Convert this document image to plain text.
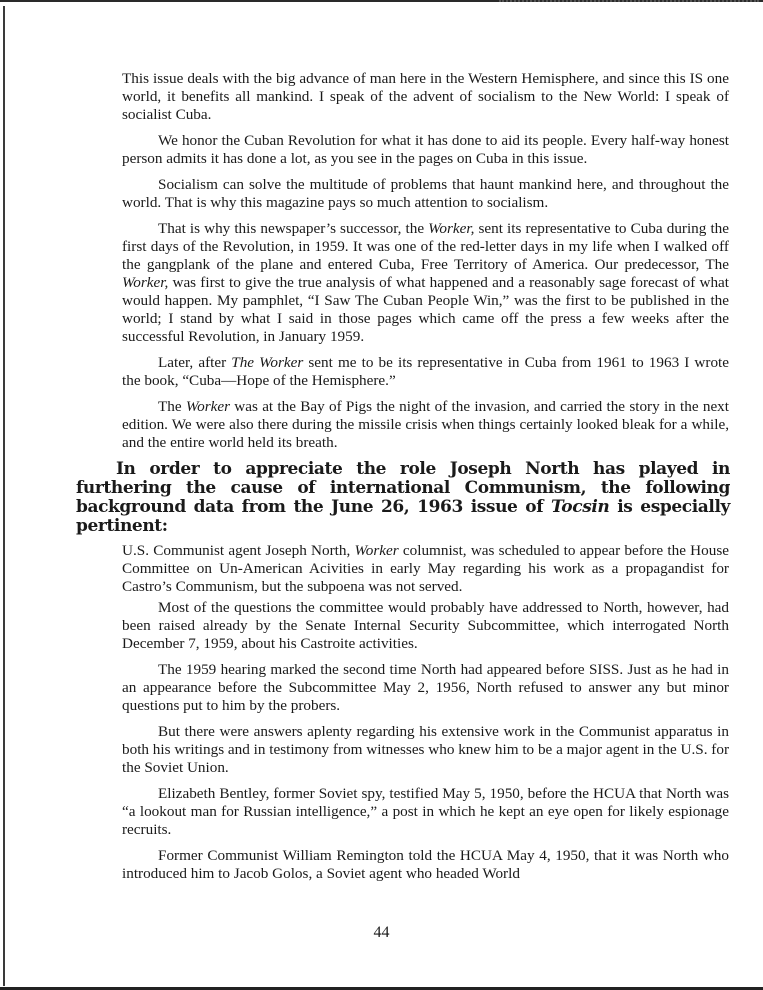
This issue deals with the big advance of man here in the Western Hemisphere, and since this IS one world, it benefits all mankind. I speak of the advent of socialism to the New World: I speak of socialist Cuba.

We honor the Cuban Revolution for what it has done to aid its people. Every half-way honest person admits it has done a lot, as you see in the pages on Cuba in this issue.

Socialism can solve the multitude of problems that haunt mankind here, and throughout the world. That is why this magazine pays so much attention to socialism.

That is why this newspaper’s successor, the Worker, sent its representative to Cuba during the first days of the Revolution, in 1959. It was one of the red-letter days in my life when I walked off the gangplank of the plane and entered Cuba, Free Territory of America. Our predecessor, The Worker, was first to give the true analysis of what happened and a reasonably sage forecast of what would happen. My pamphlet, “I Saw The Cuban People Win,” was the first to be published in the world; I stand by what I said in those pages which came off the press a few weeks after the successful Revolution, in January 1959.

Later, after The Worker sent me to be its representative in Cuba from 1961 to 1963 I wrote the book, “Cuba—Hope of the Hemisphere.”

The Worker was at the Bay of Pigs the night of the invasion, and carried the story in the next edition. We were also there during the missile crisis when things certainly looked bleak for a while, and the entire world held its breath.

In order to appreciate the role Joseph North has played in furthering the cause of international Communism, the following background data from the June 26, 1963 issue of Tocsin is especially pertinent:

U.S. Communist agent Joseph North, Worker columnist, was scheduled to appear before the House Committee on Un-American Acivities in early May regarding his work as a propagandist for Castro’s Communism, but the subpoena was not served.

Most of the questions the committee would probably have addressed to North, however, had been raised already by the Senate Internal Security Subcommittee, which interrogated North December 7, 1959, about his Castroite activities.

The 1959 hearing marked the second time North had appeared before SISS. Just as he had in an appearance before the Subcommittee May 2, 1956, North refused to answer any but minor questions put to him by the probers.

But there were answers aplenty regarding his extensive work in the Communist apparatus in both his writings and in testimony from witnesses who knew him to be a major agent in the U.S. for the Soviet Union.

Elizabeth Bentley, former Soviet spy, testified May 5, 1950, before the HCUA that North was “a lookout man for Russian intelligence,” a post in which he kept an eye open for likely espionage recruits.

Former Communist William Remington told the HCUA May 4, 1950, that it was North who introduced him to Jacob Golos, a Soviet agent who headed World

44
